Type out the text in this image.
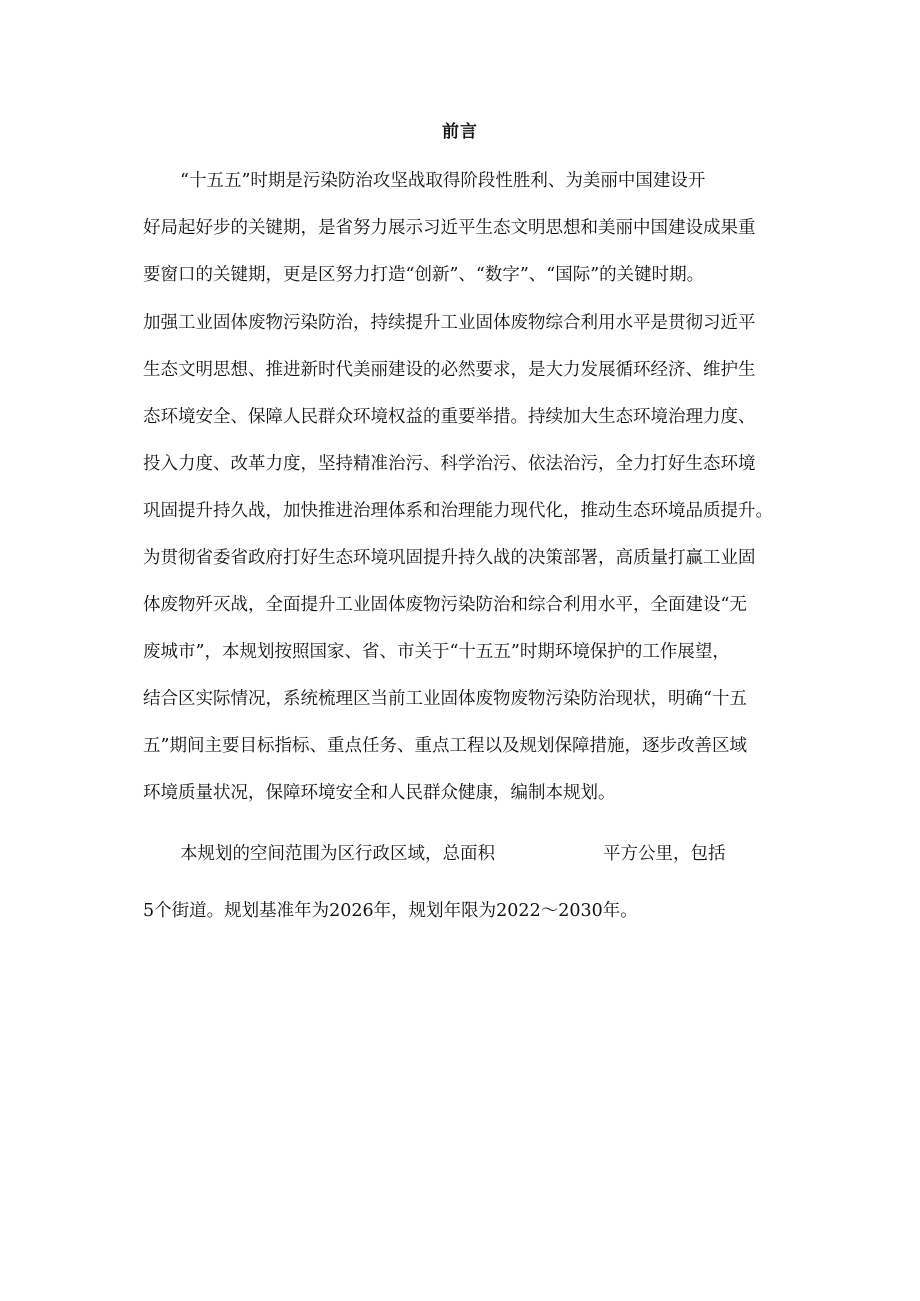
前言
“十五五”时期是污染防治攻坚战取得阶段性胜利、为美丽中国建设开
好局起好步的关键期，是省努力展示习近平生态文明思想和美丽中国建设成果重
要窗口的关键期，更是区努力打造“创新”、“数字”、“国际”的关键时期。
加强工业固体废物污染防治，持续提升工业固体废物综合利用水平是贯彻习近平
生态文明思想、推进新时代美丽建设的必然要求，是大力发展循环经济、维护生
态环境安全、保障人民群众环境权益的重要举措。持续加大生态环境治理力度、
投入力度、改革力度，坚持精准治污、科学治污、依法治污，全力打好生态环境
巩固提升持久战，加快推进治理体系和治理能力现代化，推动生态环境品质提升。
为贯彻省委省政府打好生态环境巩固提升持久战的决策部署，高质量打赢工业固
体废物歼灭战，全面提升工业固体废物污染防治和综合利用水平，全面建设“无
废城市”，本规划按照国家、省、市关于“十五五”时期环境保护的工作展望，
结合区实际情况，系统梳理区当前工业固体废物废物污染防治现状，明确“十五
五”期间主要目标指标、重点任务、重点工程以及规划保障措施，逐步改善区域
环境质量状况，保障环境安全和人民群众健康，编制本规划。
本规划的空间范围为区行政区域，总面积	平方公里，包括
5个街道。规划基准年为2026年，规划年限为2022～2030年。
